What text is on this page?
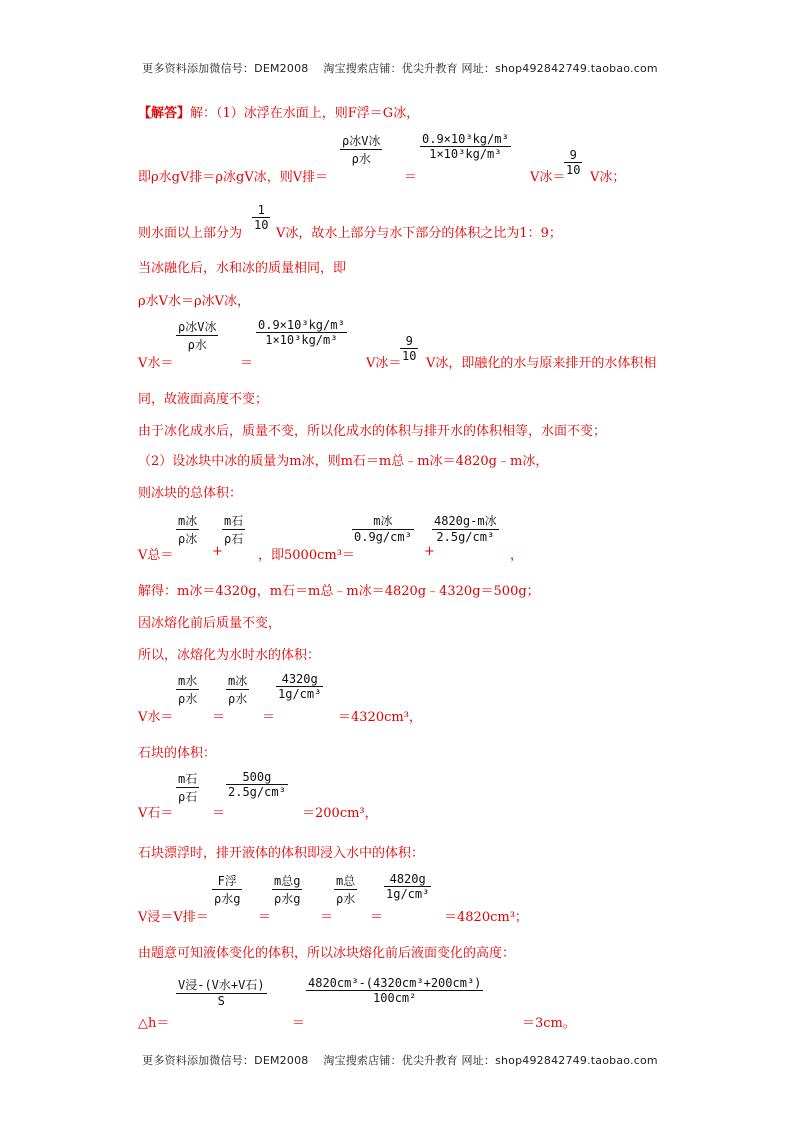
更多资料添加微信号：DEM2008　 淘宝搜索店铺：优尖升教育 网址：shop492842749.taobao.com
【解答】解：（1）冰浮在水面上，则F浮＝G冰，
即ρ水gV排＝ρ冰gV冰，则V排＝
ρ冰V冰
ρ水
＝
0.9×10³kg/m³
1×10³kg/m³
V冰＝
9
10 V冰；
则水面以上部分为
1
10
V冰，故水上部分与水下部分的体积之比为1：9；
当冰融化后，水和冰的质量相同，即
ρ水V水＝ρ冰V冰，
V水＝
ρ冰V冰
ρ水
＝
0.9×10³kg/m³
1×10³kg/m³
V冰＝
9
10 V冰，即融化的水与原来排开的水体积相
同，故液面高度不变；
由于冰化成水后，质量不变，所以化成水的体积与排开水的体积相等，水面不变；
（2）设冰块中冰的质量为m冰，则m石＝m总﹣m冰＝4820g﹣m冰，
则冰块的总体积：
V总＝
m冰
ρ冰
+
m石
ρ石
，即5000cm³＝
m冰
0.9g/cm³
+
4820g-m冰
2.5g/cm³
，
解得：m冰＝4320g，m石＝m总﹣m冰＝4820g﹣4320g＝500g；
因冰熔化前后质量不变，
所以，冰熔化为水时水的体积：
V水＝
m水
ρ水
＝
m冰
ρ水
＝
4320g
1g/cm³
＝4320cm³，
石块的体积：
V石＝
m石
ρ石
＝
500g
2.5g/cm³
＝200cm³，
石块漂浮时，排开液体的体积即浸入水中的体积：
V浸＝V排＝
F浮
ρ水g
＝
m总g
ρ水g
＝
m总
ρ水
＝
4820g
1g/cm³
＝4820cm³；
由题意可知液体变化的体积，所以冰块熔化前后液面变化的高度：
△h＝
V浸-(V水+V石)
S
＝
4820cm³-(4320cm³+200cm³)
100cm²
＝3cm。
更多资料添加微信号：DEM2008　 淘宝搜索店铺：优尖升教育 网址：shop492842749.taobao.com
